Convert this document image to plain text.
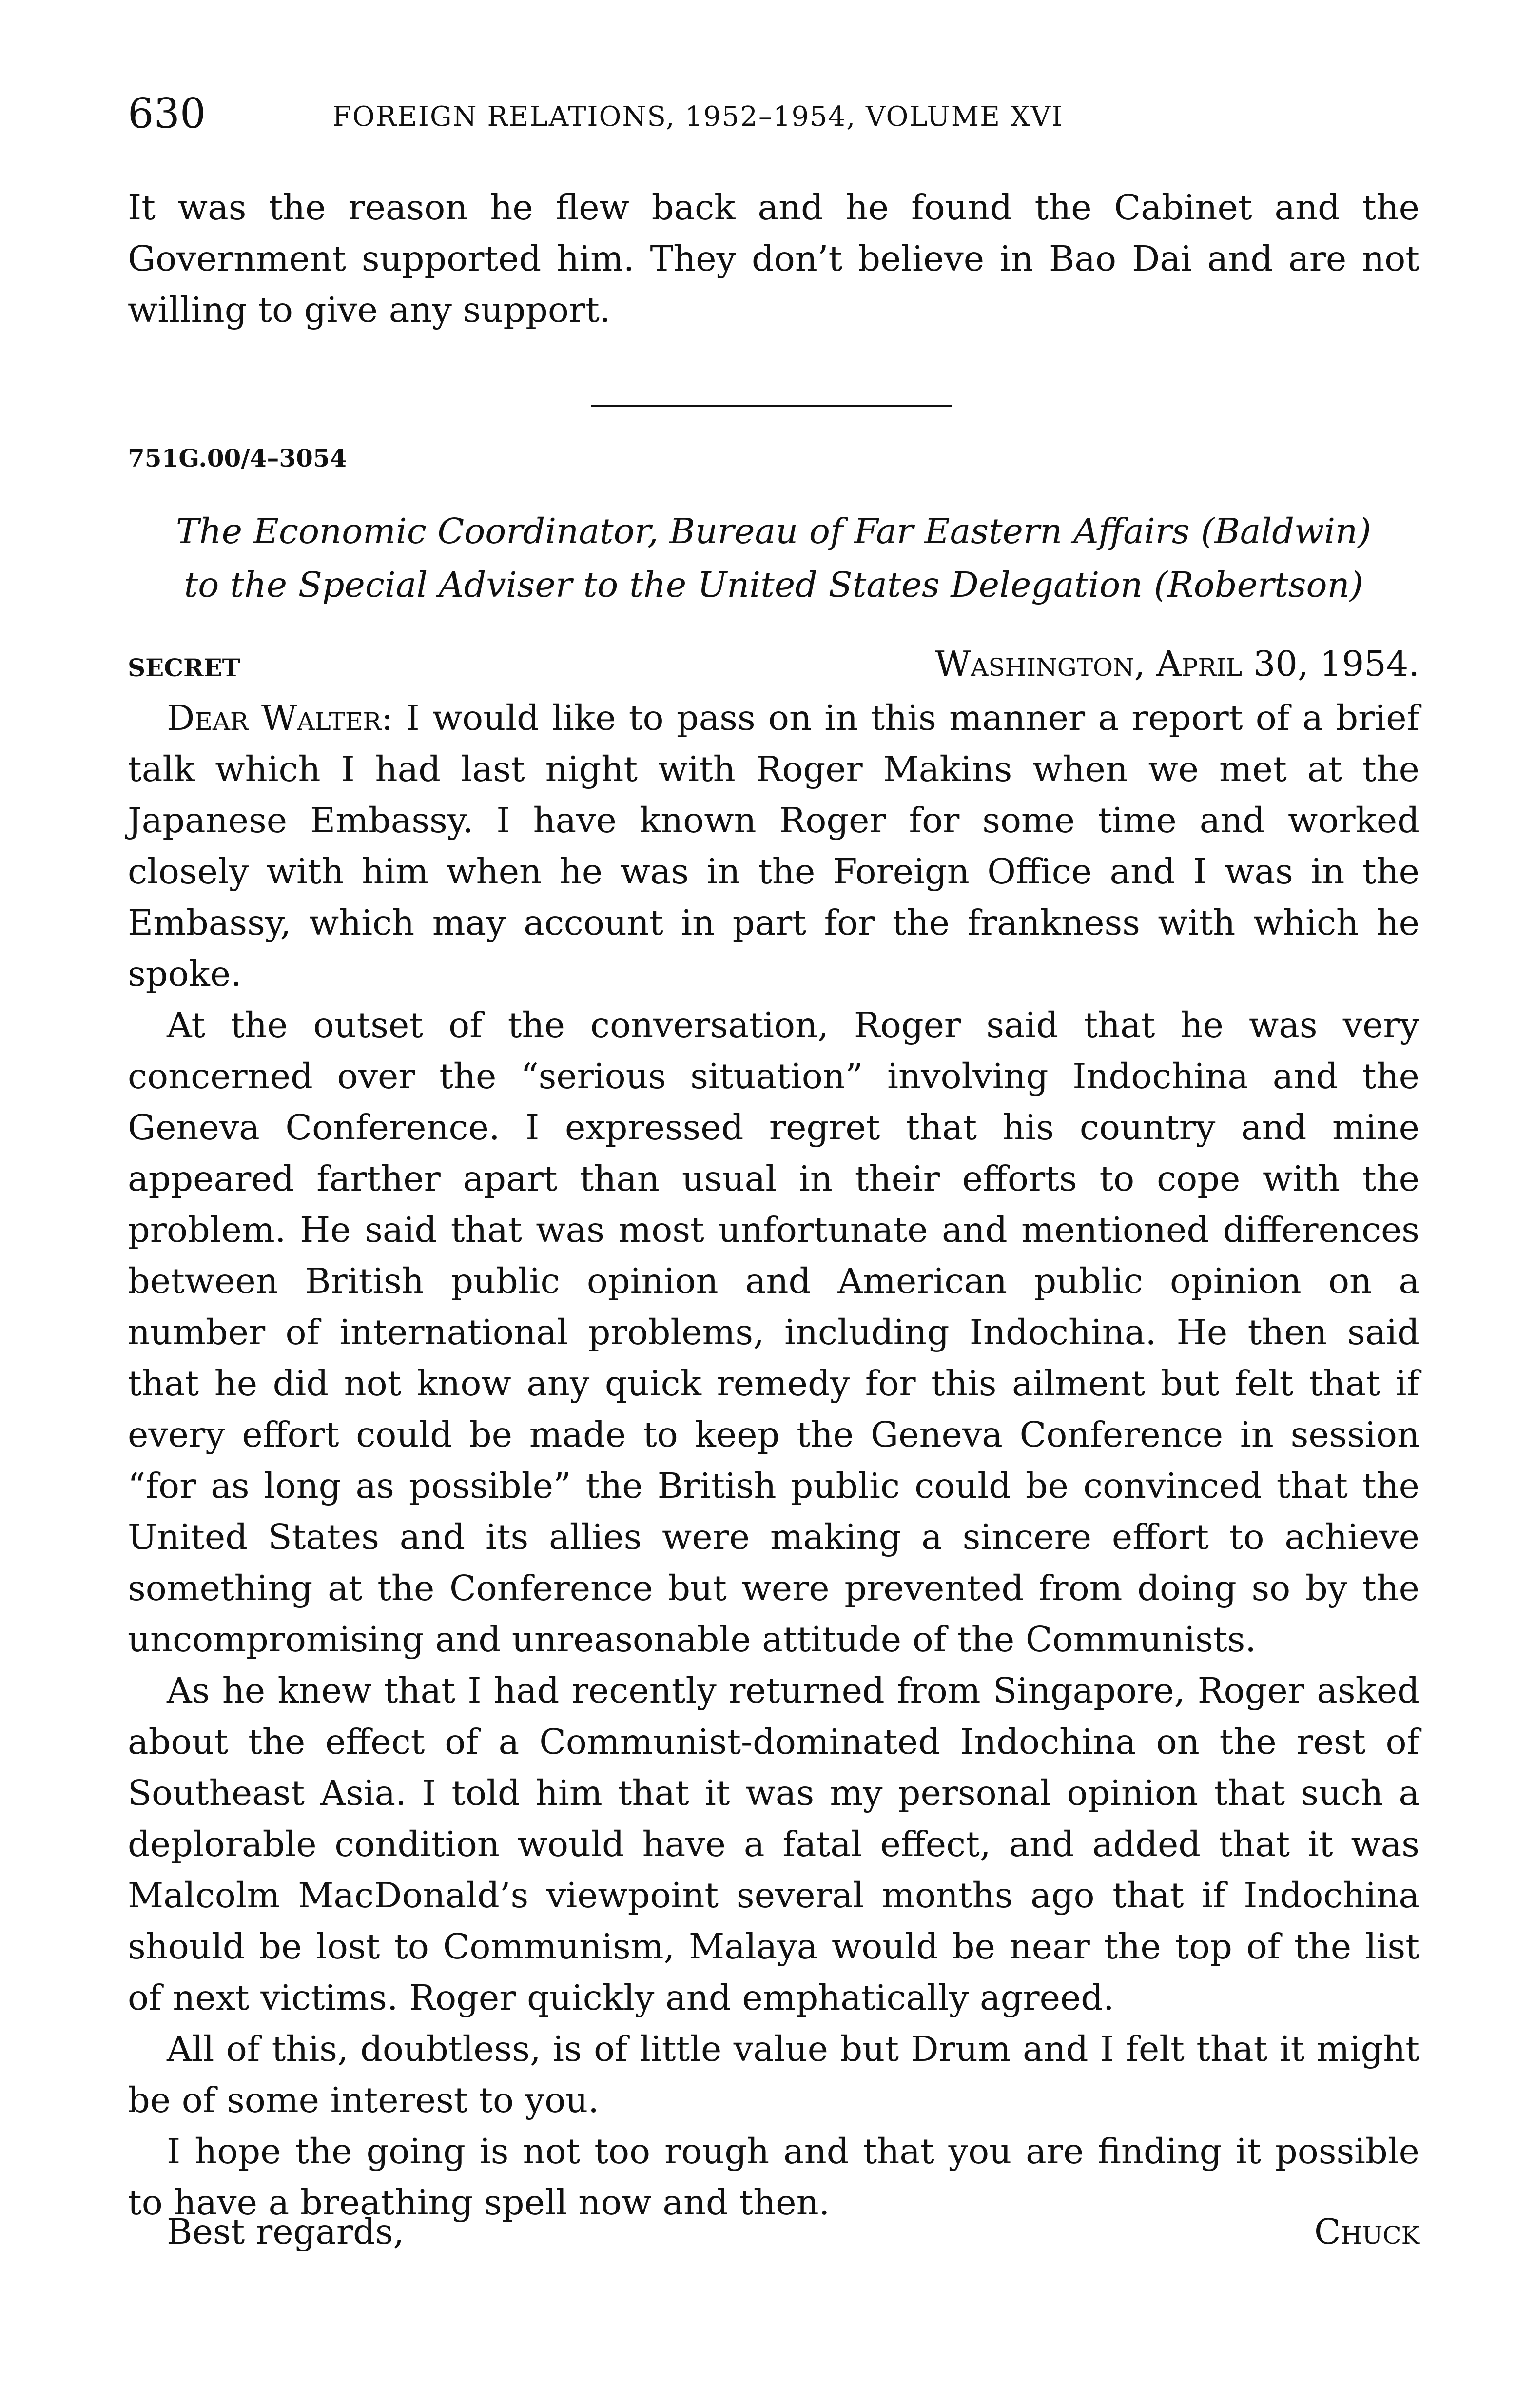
630	FOREIGN RELATIONS, 1952–1954, VOLUME XVI

It was the reason he flew back and he found the Cabinet and the Government supported him. They don’t believe in Bao Dai and are not willing to give any support.

751G.00/4–3054
The Economic Coordinator, Bureau of Far Eastern Affairs (Baldwin)
to the Special Adviser to the United States Delegation (Robertson)
SECRET	Washington, April 30, 1954.

Dear Walter: I would like to pass on in this manner a report of a brief talk which I had last night with Roger Makins when we met at the Japanese Embassy. I have known Roger for some time and worked closely with him when he was in the Foreign Office and I was in the Embassy, which may account in part for the frankness with which he spoke.

At the outset of the conversation, Roger said that he was very concerned over the “serious situation” involving Indochina and the Geneva Conference. I expressed regret that his country and mine appeared farther apart than usual in their efforts to cope with the problem. He said that was most unfortunate and mentioned differences between British public opinion and American public opinion on a number of international problems, including Indochina. He then said that he did not know any quick remedy for this ailment but felt that if every effort could be made to keep the Geneva Conference in session “for as long as possible” the British public could be convinced that the United States and its allies were making a sincere effort to achieve something at the Conference but were prevented from doing so by the uncompromising and unreasonable attitude of the Communists.

As he knew that I had recently returned from Singapore, Roger asked about the effect of a Communist-dominated Indochina on the rest of Southeast Asia. I told him that it was my personal opinion that such a deplorable condition would have a fatal effect, and added that it was Malcolm MacDonald’s viewpoint several months ago that if Indochina should be lost to Communism, Malaya would be near the top of the list of next victims. Roger quickly and emphatically agreed.

All of this, doubtless, is of little value but Drum and I felt that it might be of some interest to you.

I hope the going is not too rough and that you are finding it possible to have a breathing spell now and then.

Best regards,	Chuck
